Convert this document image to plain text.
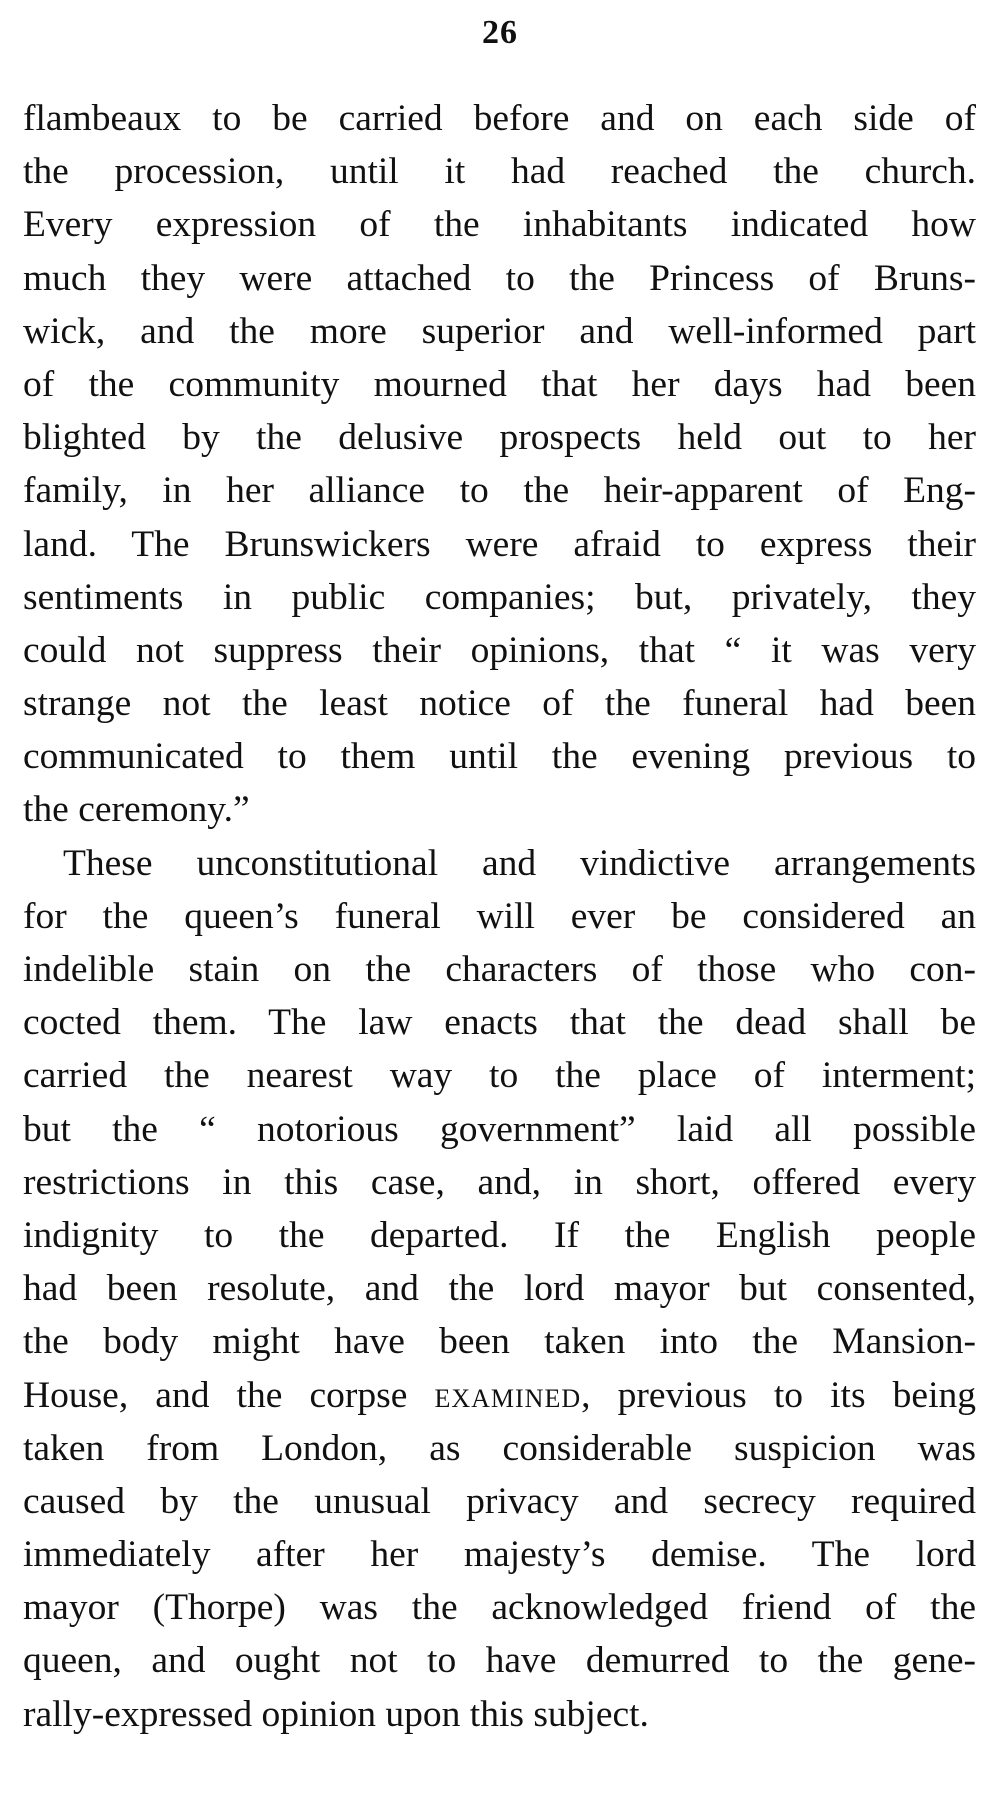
26
flambeaux to be carried before and on each side of
the procession, until it had reached the church.
Every expression of the inhabitants indicated how
much they were attached to the Princess of Bruns-
wick, and the more superior and well-informed part
of the community mourned that her days had been
blighted by the delusive prospects held out to her
family, in her alliance to the heir-apparent of Eng-
land. The Brunswickers were afraid to express their
sentiments in public companies; but, privately, they
could not suppress their opinions, that “ it was very
strange not the least notice of the funeral had been
communicated to them until the evening previous to
the ceremony.”
These unconstitutional and vindictive arrangements
for the queen’s funeral will ever be considered an
indelible stain on the characters of those who con-
cocted them. The law enacts that the dead shall be
carried the nearest way to the place of interment;
but the “ notorious government” laid all possible
restrictions in this case, and, in short, offered every
indignity to the departed. If the English people
had been resolute, and the lord mayor but consented,
the body might have been taken into the Mansion-
House, and the corpse examined, previous to its being
taken from London, as considerable suspicion was
caused by the unusual privacy and secrecy required
immediately after her majesty’s demise. The lord
mayor (Thorpe) was the acknowledged friend of the
queen, and ought not to have demurred to the gene-
rally-expressed opinion upon this subject.
